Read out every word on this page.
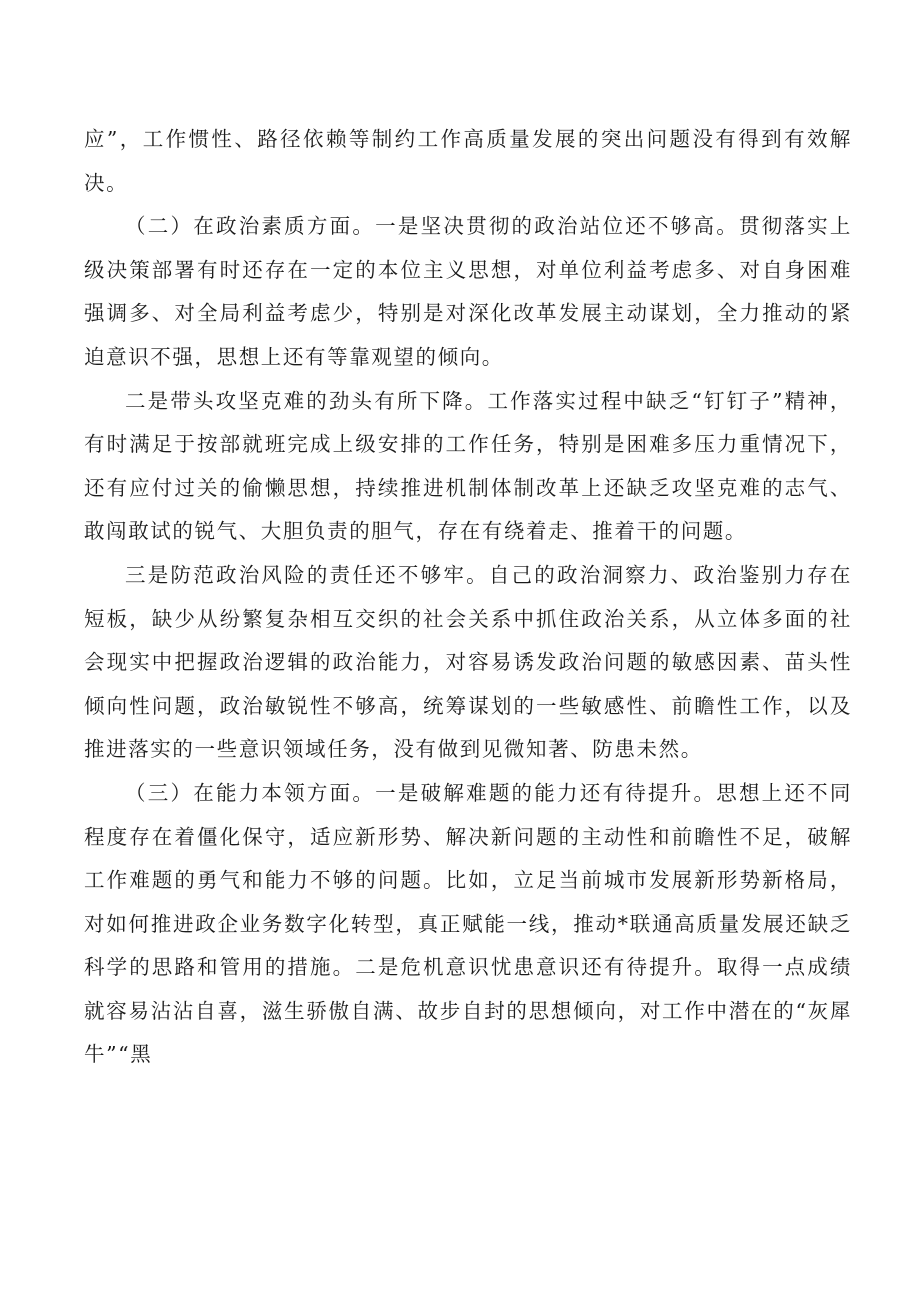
应”，工作惯性、路径依赖等制约工作高质量发展的突出问题没有得到有效解决。

（二）在政治素质方面。一是坚决贯彻的政治站位还不够高。贯彻落实上级决策部署有时还存在一定的本位主义思想，对单位利益考虑多、对自身困难强调多、对全局利益考虑少，特别是对深化改革发展主动谋划，全力推动的紧迫意识不强，思想上还有等靠观望的倾向。

二是带头攻坚克难的劲头有所下降。工作落实过程中缺乏“钉钉子”精神，有时满足于按部就班完成上级安排的工作任务，特别是困难多压力重情况下，还有应付过关的偷懒思想，持续推进机制体制改革上还缺乏攻坚克难的志气、敢闯敢试的锐气、大胆负责的胆气，存在有绕着走、推着干的问题。

三是防范政治风险的责任还不够牢。自己的政治洞察力、政治鉴别力存在短板，缺少从纷繁复杂相互交织的社会关系中抓住政治关系，从立体多面的社会现实中把握政治逻辑的政治能力，对容易诱发政治问题的敏感因素、苗头性倾向性问题，政治敏锐性不够高，统筹谋划的一些敏感性、前瞻性工作，以及推进落实的一些意识领域任务，没有做到见微知著、防患未然。

（三）在能力本领方面。一是破解难题的能力还有待提升。思想上还不同程度存在着僵化保守，适应新形势、解决新问题的主动性和前瞻性不足，破解工作难题的勇气和能力不够的问题。比如，立足当前城市发展新形势新格局，对如何推进政企业务数字化转型，真正赋能一线，推动*联通高质量发展还缺乏科学的思路和管用的措施。二是危机意识忧患意识还有待提升。取得一点成绩就容易沾沾自喜，滋生骄傲自满、故步自封的思想倾向，对工作中潜在的“灰犀牛”“黑
